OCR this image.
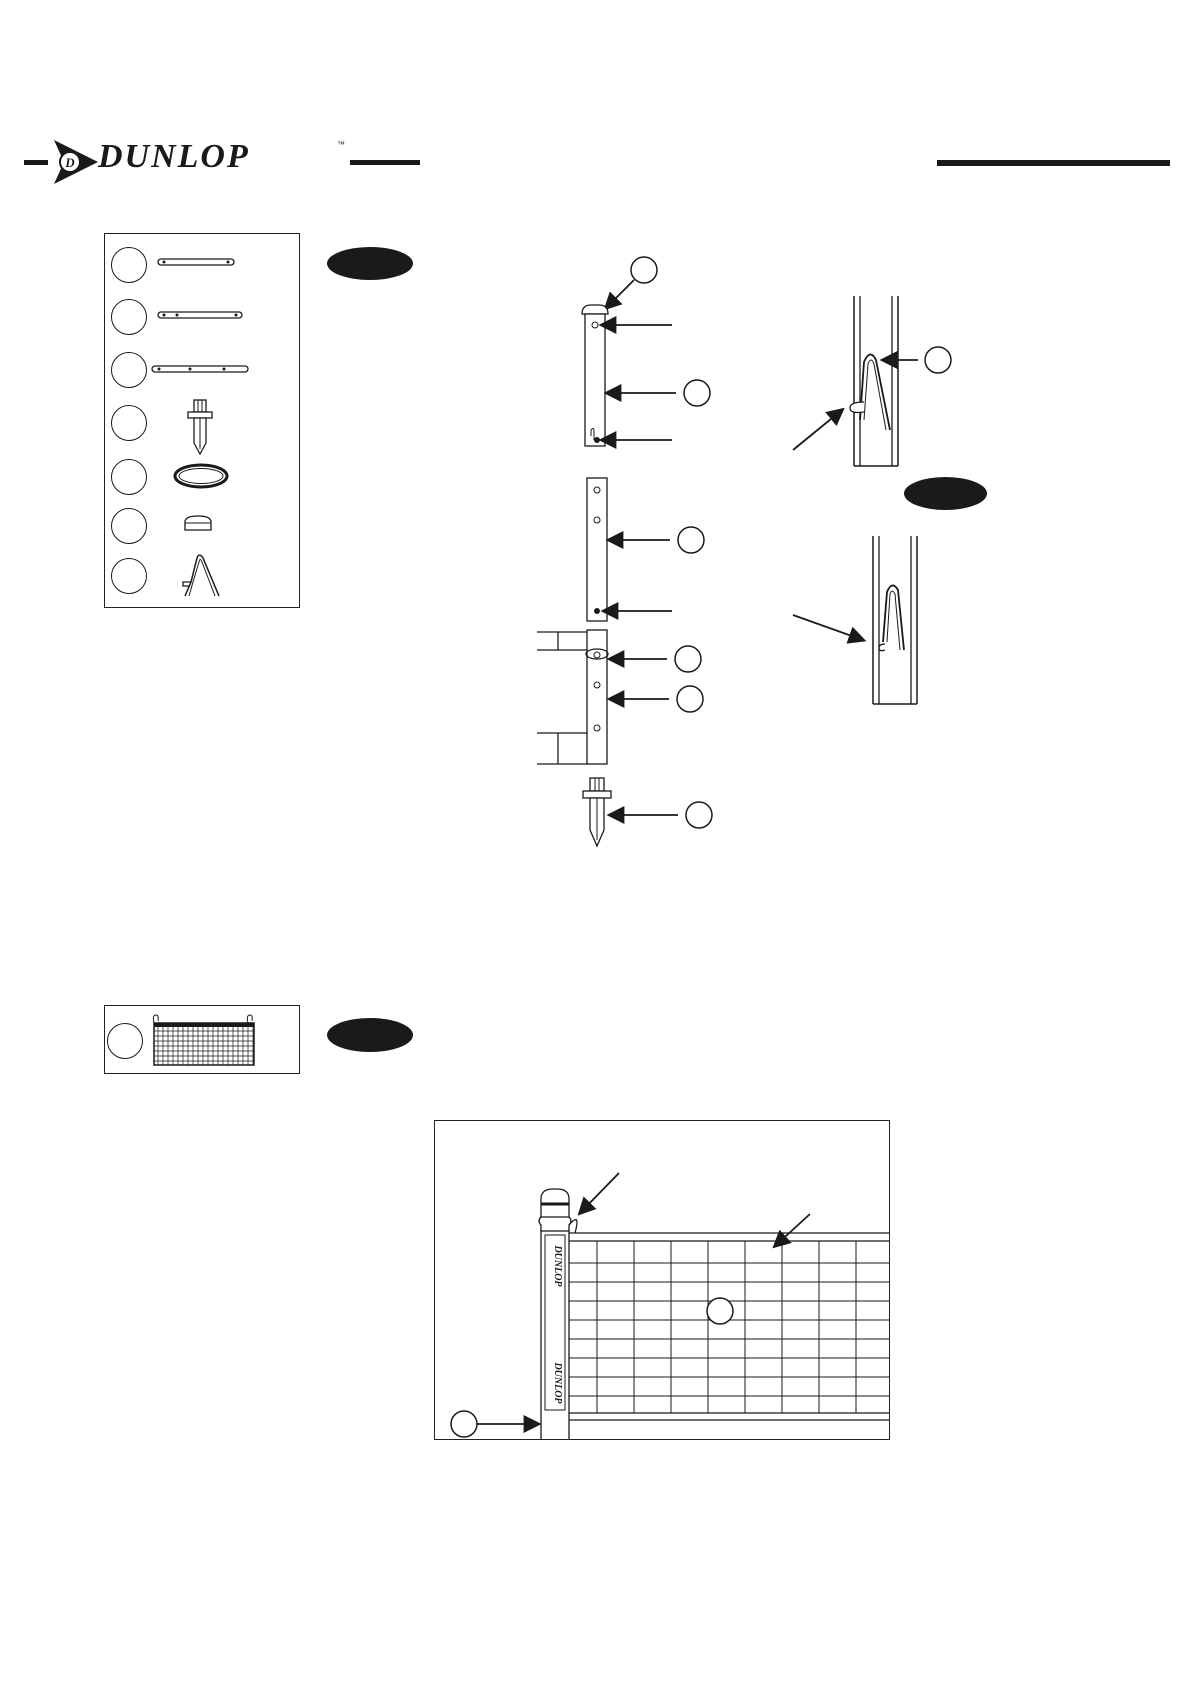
D DUNLOP	™
DUNLOP
DUNLOP
